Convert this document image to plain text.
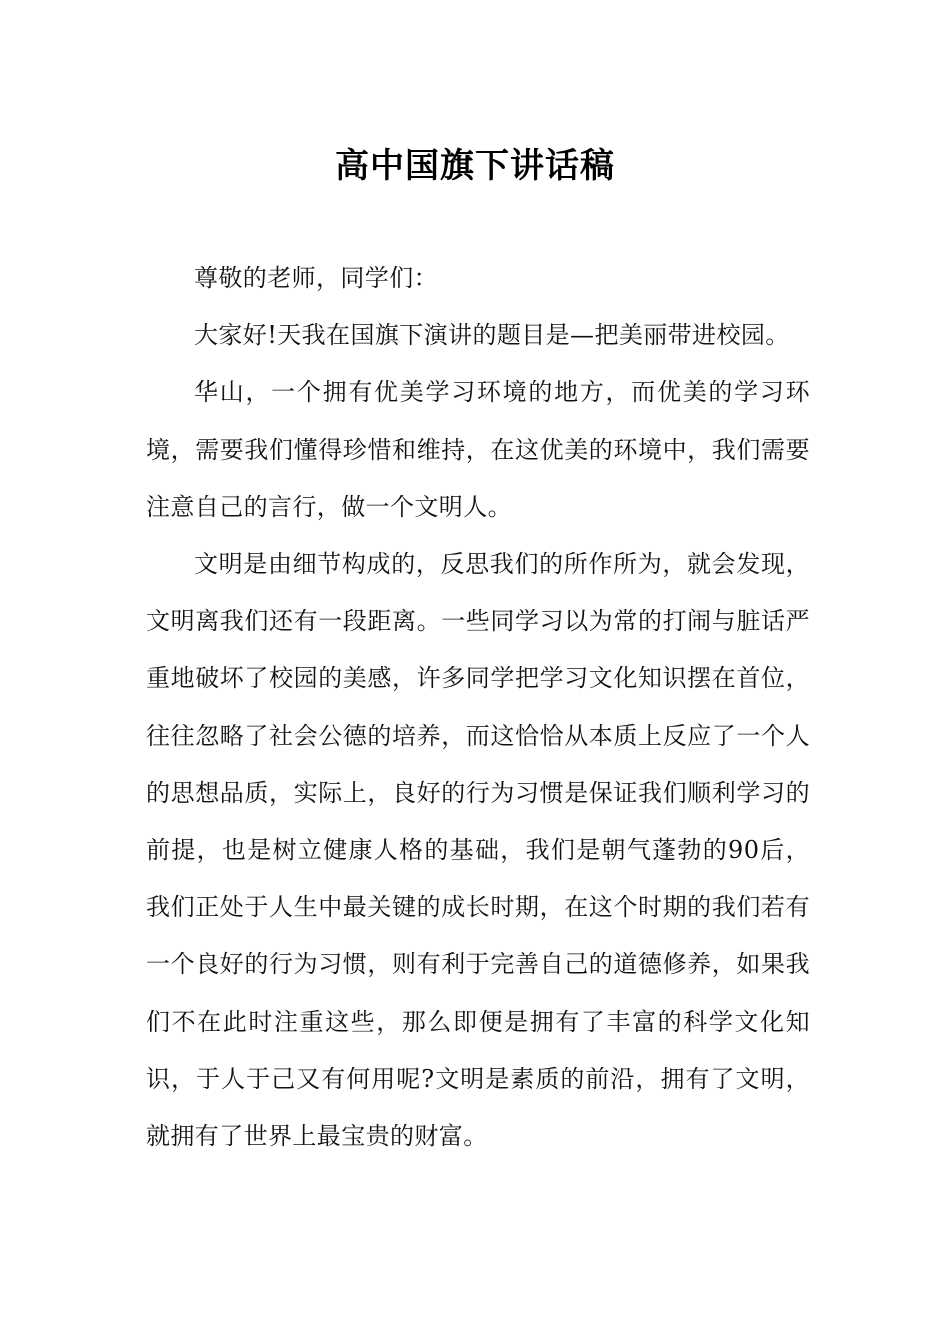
高中国旗下讲话稿

尊敬的老师，同学们：

大家好!天我在国旗下演讲的题目是—把美丽带进校园。

华山，一个拥有优美学习环境的地方，而优美的学习环境，需要我们懂得珍惜和维持，在这优美的环境中，我们需要注意自己的言行，做一个文明人。

文明是由细节构成的，反思我们的所作所为，就会发现，文明离我们还有一段距离。一些同学习以为常的打闹与脏话严重地破坏了校园的美感，许多同学把学习文化知识摆在首位，往往忽略了社会公德的培养，而这恰恰从本质上反应了一个人的思想品质，实际上，良好的行为习惯是保证我们顺利学习的前提，也是树立健康人格的基础，我们是朝气蓬勃的90后，我们正处于人生中最关键的成长时期，在这个时期的我们若有一个良好的行为习惯，则有利于完善自己的道德修养，如果我们不在此时注重这些，那么即便是拥有了丰富的科学文化知识，于人于己又有何用呢?文明是素质的前沿，拥有了文明，就拥有了世界上最宝贵的财富。
